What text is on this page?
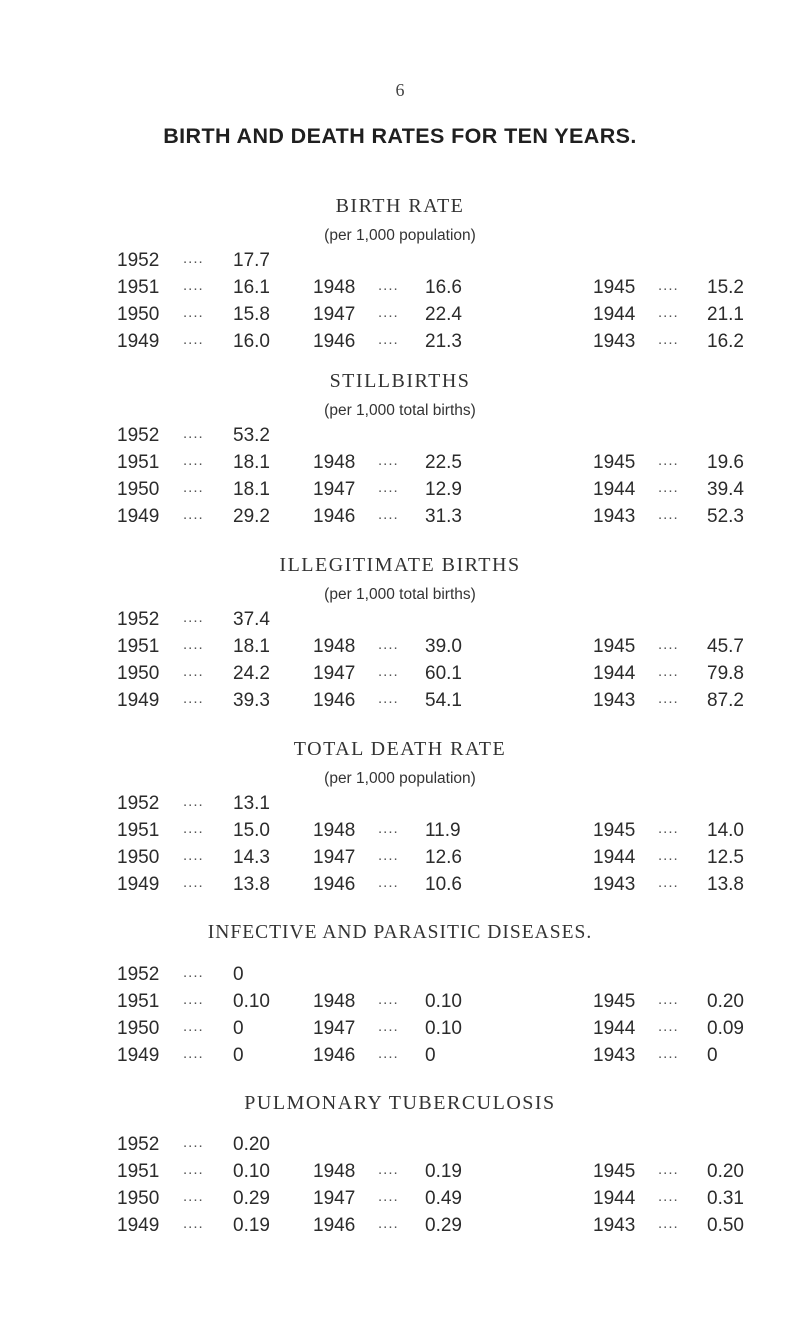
6
BIRTH AND DEATH RATES FOR TEN YEARS.
BIRTH RATE
(per 1,000 population)
1952 .... 17.7
1951 .... 16.1 1948 .... 16.6	1945 .... 15.2
1950 .... 15.8 1947 .... 22.4	1944 .... 21.1
1949 .... 16.0 1946 .... 21.3	1943 .... 16.2
STILLBIRTHS
(per 1,000 total births)
1952 .... 53.2
1951 .... 18.1 1948 .... 22.5	1945 .... 19.6
1950 .... 18.1 1947 .... 12.9	1944 .... 39.4
1949 .... 29.2 1946 .... 31.3	1943 .... 52.3
ILLEGITIMATE BIRTHS
(per 1,000 total births)
1952 .... 37.4
1951 .... 18.1 1948 .... 39.0	1945 .... 45.7
1950 .... 24.2 1947 .... 60.1	1944 .... 79.8
1949 .... 39.3 1946 .... 54.1	1943 .... 87.2
TOTAL DEATH RATE
(per 1,000 population)
1952 .... 13.1
1951 .... 15.0 1948 .... 11.9	1945 .... 14.0
1950 .... 14.3 1947 .... 12.6	1944 .... 12.5
1949 .... 13.8 1946 .... 10.6	1943 .... 13.8
INFECTIVE AND PARASITIC DISEASES.
1952 .... 0
1951 .... 0.10 1948 .... 0.10	1945 .... 0.20
1950 .... 0	1947 .... 0.10	1944 .... 0.09
1949 .... 0	1946 .... 0	1943 .... 0
PULMONARY TUBERCULOSIS
1952 .... 0.20
1951 .... 0.10 1948 .... 0.19	1945 .... 0.20
1950 .... 0.29 1947 .... 0.49	1944 .... 0.31
1949 .... 0.19 1946 .... 0.29	1943 .... 0.50
